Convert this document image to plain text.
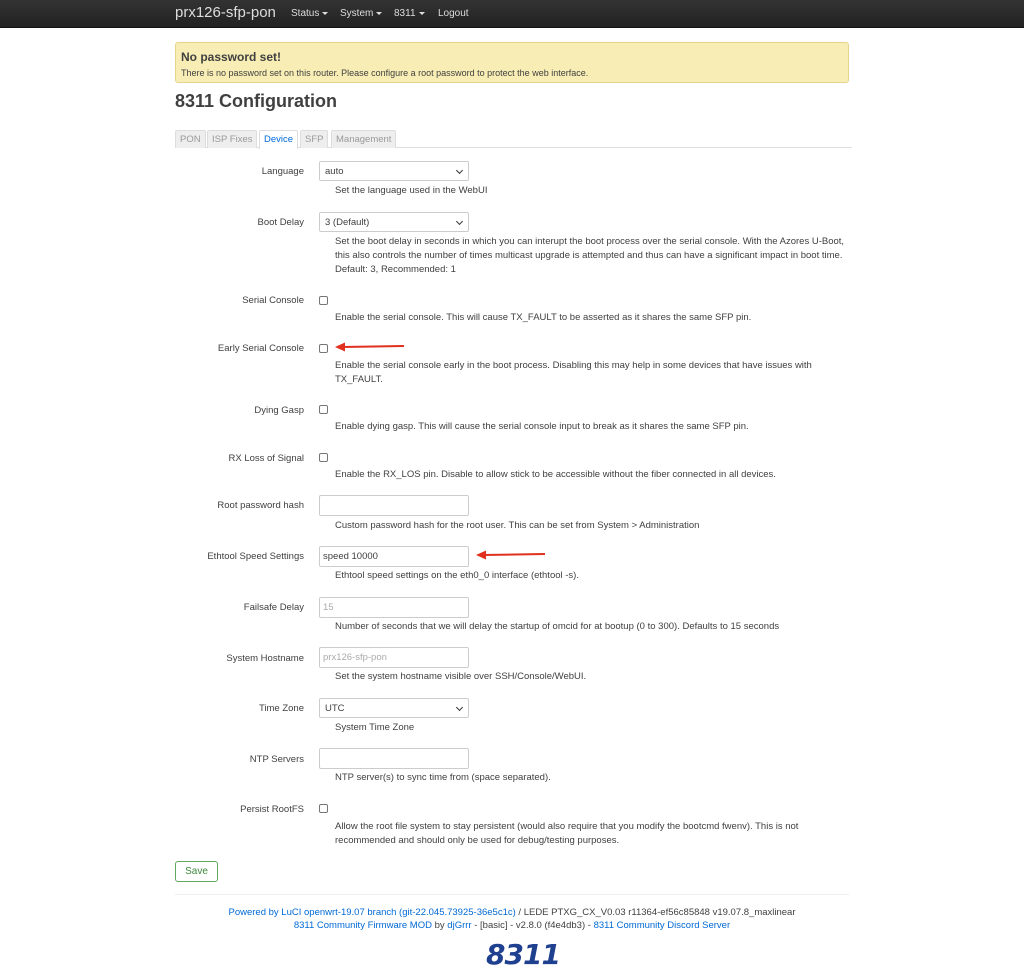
prx126-sfp-pon Status	System	8311	Logout
No password set!
There is no password set on this router. Please configure a root password to protect the web interface.
8311 Configuration
PON	ISP Fixes	Device	SFP	Management
Language	auto
Set the language used in the WebUI
Boot Delay	3 (Default)
Set the boot delay in seconds in which you can interupt the boot process over the serial console. With the Azores U-Boot, this also controls the number of times multicast upgrade is attempted and thus can have a significant impact in boot time. Default: 3, Recommended: 1
Serial Console
Enable the serial console. This will cause TX_FAULT to be asserted as it shares the same SFP pin.
Early Serial Console
Enable the serial console early in the boot process. Disabling this may help in some devices that have issues with TX_FAULT.
Dying Gasp
Enable dying gasp. This will cause the serial console input to break as it shares the same SFP pin.
RX Loss of Signal
Enable the RX_LOS pin. Disable to allow stick to be accessible without the fiber connected in all devices.
Root password hash
Custom password hash for the root user. This can be set from System > Administration
Ethtool Speed Settings	speed 10000
Ethtool speed settings on the eth0_0 interface (ethtool -s).
Failsafe Delay	15
Number of seconds that we will delay the startup of omcid for at bootup (0 to 300). Defaults to 15 seconds
System Hostname	prx126-sfp-pon
Set the system hostname visible over SSH/Console/WebUI.
Time Zone	UTC
System Time Zone
NTP Servers
NTP server(s) to sync time from (space separated).
Persist RootFS
Allow the root file system to stay persistent (would also require that you modify the bootcmd fwenv). This is not recommended and should only be used for debug/testing purposes.
Save
Powered by LuCI openwrt-19.07 branch (git-22.045.73925-36e5c1c) / LEDE PTXG_CX_V0.03 r11364-ef56c85848 v19.07.8_maxlinear
8311 Community Firmware MOD by djGrrr - [basic] - v2.8.0 (f4e4db3) - 8311 Community Discord Server
8311
